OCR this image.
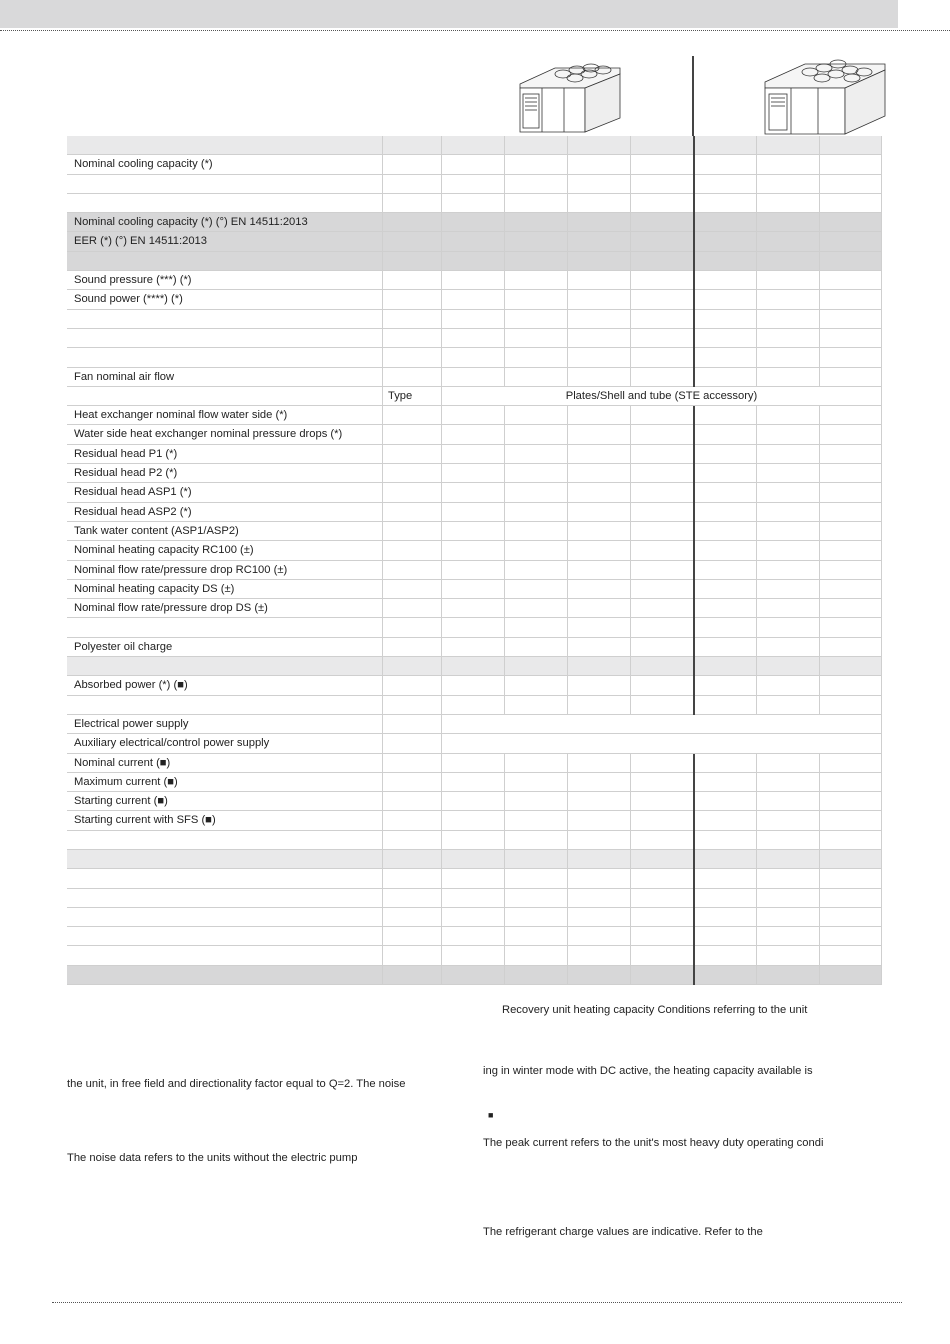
Nominal cooling capacity (*)
Nominal cooling capacity (*) (°) EN 14511:2013
EER (*) (°) EN 14511:2013
Sound pressure (***) (*)
Sound power (****) (*)
Fan nominal air flow
Type	Plates/Shell and tube (STE accessory)
Heat exchanger nominal flow water side (*)
Water side heat exchanger nominal pressure drops (*)
Residual head P1 (*)
Residual head P2 (*)
Residual head ASP1 (*)
Residual head ASP2 (*)
Tank water content (ASP1/ASP2)
Nominal heating capacity RC100 (±)
Nominal flow rate/pressure drop RC100 (±)
Nominal heating capacity DS (±)
Nominal flow rate/pressure drop DS (±)
Polyester oil charge
Absorbed power (*) (■)
Electrical power supply
Auxiliary electrical/control power supply
Nominal current (■)
Maximum current (■)
Starting current (■)
Starting current with SFS (■)
Recovery unit heating capacity Conditions referring to the unit
ing in winter mode with DC active, the heating capacity available is
the unit, in free field and directionality factor equal to Q=2. The noise
■
The peak current refers to the unit's most heavy duty operating condi
The noise data refers to the units without the electric pump
The refrigerant charge values are indicative. Refer to the
